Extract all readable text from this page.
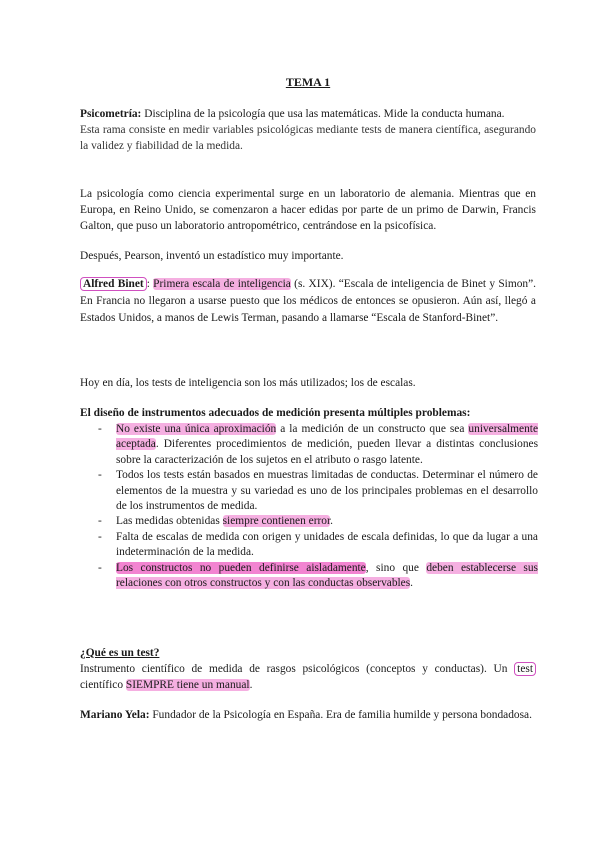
TEMA 1
Psicometría: Disciplina de la psicología que usa las matemáticas. Mide la conducta humana.
Esta rama consiste en medir variables psicológicas mediante tests de manera científica, asegurando la validez y fiabilidad de la medida.
La psicología como ciencia experimental surge en un laboratorio de alemania. Mientras que en Europa, en Reino Unido, se comenzaron a hacer edidas por parte de un primo de Darwin, Francis Galton, que puso un laboratorio antropométrico, centrándose en la psicofísica.
Después, Pearson, inventó un estadístico muy importante.
Alfred Binet : Primera escala de inteligencia (s. XIX). “Escala de inteligencia de Binet y Simon”. En Francia no llegaron a usarse puesto que los médicos de entonces se opusieron. Aún así, llegó a Estados Unidos, a manos de Lewis Terman, pasando a llamarse “Escala de Stanford-Binet”.
Hoy en día, los tests de inteligencia son los más utilizados; los de escalas.
El diseño de instrumentos adecuados de medición presenta múltiples problemas:
- No existe una única aproximación a la medición de un constructo que sea universalmente aceptada. Diferentes procedimientos de medición, pueden llevar a distintas conclusiones sobre la caracterización de los sujetos en el atributo o rasgo latente.
- Todos los tests están basados en muestras limitadas de conductas. Determinar el número de elementos de la muestra y su variedad es uno de los principales problemas en el desarrollo de los instrumentos de medida.
- Las medidas obtenidas siempre contienen error.
- Falta de escalas de medida con origen y unidades de escala definidas, lo que da lugar a una indeterminación de la medida.
- Los constructos no pueden definirse aisladamente, sino que deben establecerse sus relaciones con otros constructos y con las conductas observables.
¿Qué es un test?
Instrumento científico de medida de rasgos psicológicos (conceptos y conductas). Un test científico SIEMPRE tiene un manual.
Mariano Yela: Fundador de la Psicología en España. Era de familia humilde y persona bondadosa.
